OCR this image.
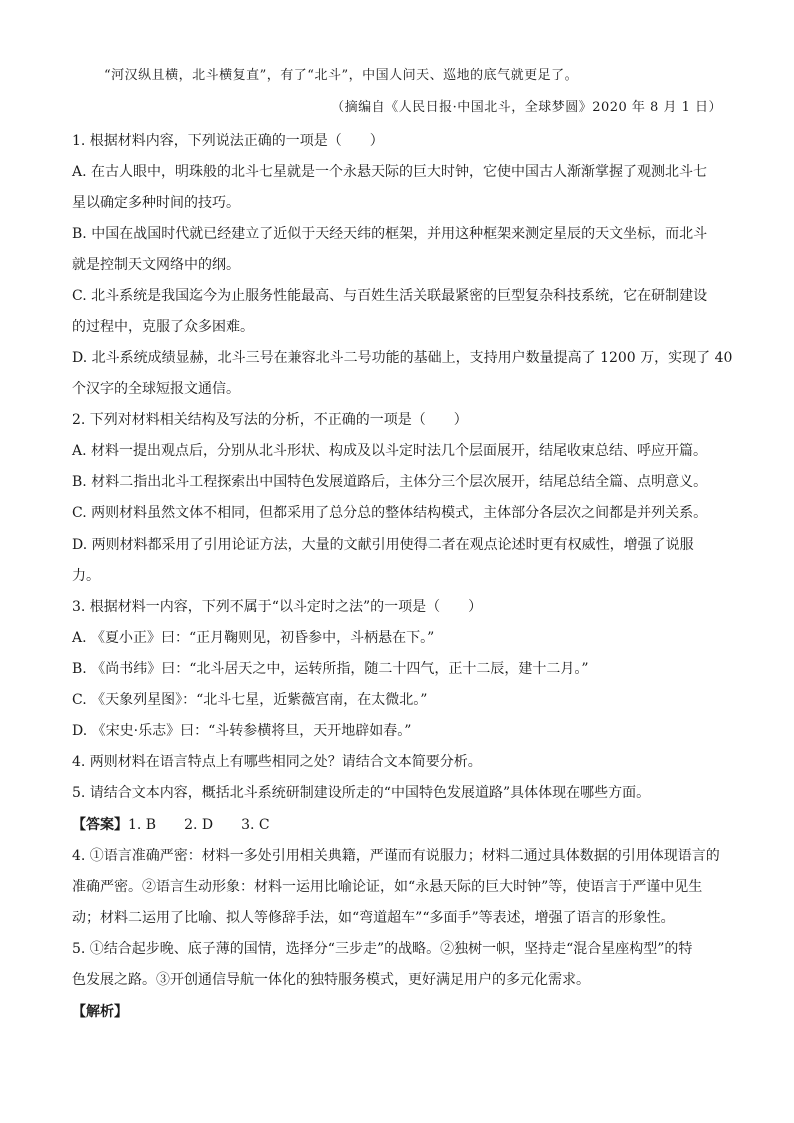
“河汉纵且横，北斗横复直”，有了“北斗”，中国人问天、巡地的底气就更足了。
（摘编自《人民日报·中国北斗，全球梦圆》2020 年 8 月 1 日）
1. 根据材料内容，下列说法正确的一项是（　　）
A. 在古人眼中，明珠般的北斗七星就是一个永悬天际的巨大时钟，它使中国古人渐渐掌握了观测北斗七
星以确定多种时间的技巧。
B. 中国在战国时代就已经建立了近似于天经天纬的框架，并用这种框架来测定星辰的天文坐标，而北斗
就是控制天文网络中的纲。
C. 北斗系统是我国迄今为止服务性能最高、与百姓生活关联最紧密的巨型复杂科技系统，它在研制建设
的过程中，克服了众多困难。
D. 北斗系统成绩显赫，北斗三号在兼容北斗二号功能的基础上，支持用户数量提高了 1200 万，实现了 40
个汉字的全球短报文通信。
2. 下列对材料相关结构及写法的分析，不正确的一项是（　　）
A. 材料一提出观点后，分别从北斗形状、构成及以斗定时法几个层面展开，结尾收束总结、呼应开篇。
B. 材料二指出北斗工程探索出中国特色发展道路后，主体分三个层次展开，结尾总结全篇、点明意义。
C. 两则材料虽然文体不相同，但都采用了总分总的整体结构模式，主体部分各层次之间都是并列关系。
D. 两则材料都采用了引用论证方法，大量的文献引用使得二者在观点论述时更有权威性，增强了说服
力。
3. 根据材料一内容，下列不属于“以斗定时之法”的一项是（　　）
A. 《夏小正》曰：“正月鞠则见，初昏参中，斗柄悬在下。”
B. 《尚书纬》曰：“北斗居天之中，运转所指，随二十四气，正十二辰，建十二月。”
C. 《天象列星图》：“北斗七星，近紫薇宫南，在太微北。”
D. 《宋史·乐志》曰：“斗转参横将旦，天开地辟如春。”
4. 两则材料在语言特点上有哪些相同之处？请结合文本简要分析。
5. 请结合文本内容，概括北斗系统研制建设所走的“中国特色发展道路”具体体现在哪些方面。
【答案】1. B　　2. D　　3. C
4. ①语言准确严密：材料一多处引用相关典籍，严谨而有说服力；材料二通过具体数据的引用体现语言的
准确严密。②语言生动形象：材料一运用比喻论证，如“永悬天际的巨大时钟”等，使语言于严谨中见生
动；材料二运用了比喻、拟人等修辞手法，如“弯道超车”“多面手”等表述，增强了语言的形象性。
5. ①结合起步晚、底子薄的国情，选择分“三步走”的战略。②独树一帜，坚持走“混合星座构型”的特
色发展之路。③开创通信导航一体化的独特服务模式，更好满足用户的多元化需求。
【解析】
